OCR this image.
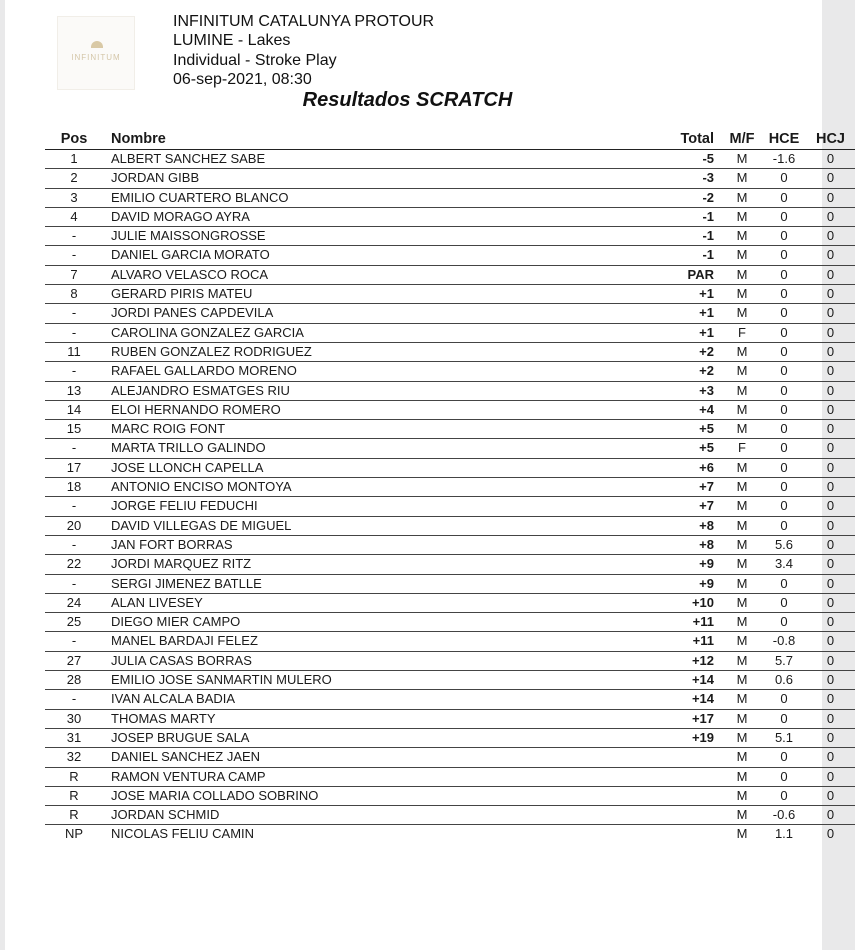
INFINITUM
INFINITUM CATALUNYA PROTOUR
LUMINE - Lakes
Individual - Stroke Play
06-sep-2021, 08:30
Resultados SCRATCH
Pos	Nombre	Total	M/F	HCE	HCJ
1	ALBERT SANCHEZ SABE	-5	M	-1.6	0
2	JORDAN GIBB	-3	M	0	0
3	EMILIO CUARTERO BLANCO	-2	M	0	0
4	DAVID MORAGO AYRA	-1	M	0	0
-	JULIE MAISSONGROSSE	-1	M	0	0
-	DANIEL GARCIA MORATO	-1	M	0	0
7	ALVARO VELASCO ROCA	PAR	M	0	0
8	GERARD PIRIS MATEU	+1	M	0	0
-	JORDI PANES CAPDEVILA	+1	M	0	0
-	CAROLINA GONZALEZ GARCIA	+1	F	0	0
11	RUBEN GONZALEZ RODRIGUEZ	+2	M	0	0
-	RAFAEL GALLARDO MORENO	+2	M	0	0
13	ALEJANDRO ESMATGES RIU	+3	M	0	0
14	ELOI HERNANDO ROMERO	+4	M	0	0
15	MARC ROIG FONT	+5	M	0	0
-	MARTA TRILLO GALINDO	+5	F	0	0
17	JOSE LLONCH CAPELLA	+6	M	0	0
18	ANTONIO ENCISO MONTOYA	+7	M	0	0
-	JORGE FELIU FEDUCHI	+7	M	0	0
20	DAVID VILLEGAS DE MIGUEL	+8	M	0	0
-	JAN FORT BORRAS	+8	M	5.6	0
22	JORDI MARQUEZ RITZ	+9	M	3.4	0
-	SERGI JIMENEZ BATLLE	+9	M	0	0
24	ALAN LIVESEY	+10	M	0	0
25	DIEGO MIER CAMPO	+11	M	0	0
-	MANEL BARDAJI FELEZ	+11	M	-0.8	0
27	JULIA CASAS BORRAS	+12	M	5.7	0
28	EMILIO JOSE SANMARTIN MULERO	+14	M	0.6	0
-	IVAN ALCALA BADIA	+14	M	0	0
30	THOMAS MARTY	+17	M	0	0
31	JOSEP BRUGUE SALA	+19	M	5.1	0
32	DANIEL SANCHEZ JAEN		M	0	0
R	RAMON VENTURA CAMP		M	0	0
R	JOSE MARIA COLLADO SOBRINO		M	0	0
R	JORDAN SCHMID		M	-0.6	0
NP	NICOLAS FELIU CAMIN		M	1.1	0
